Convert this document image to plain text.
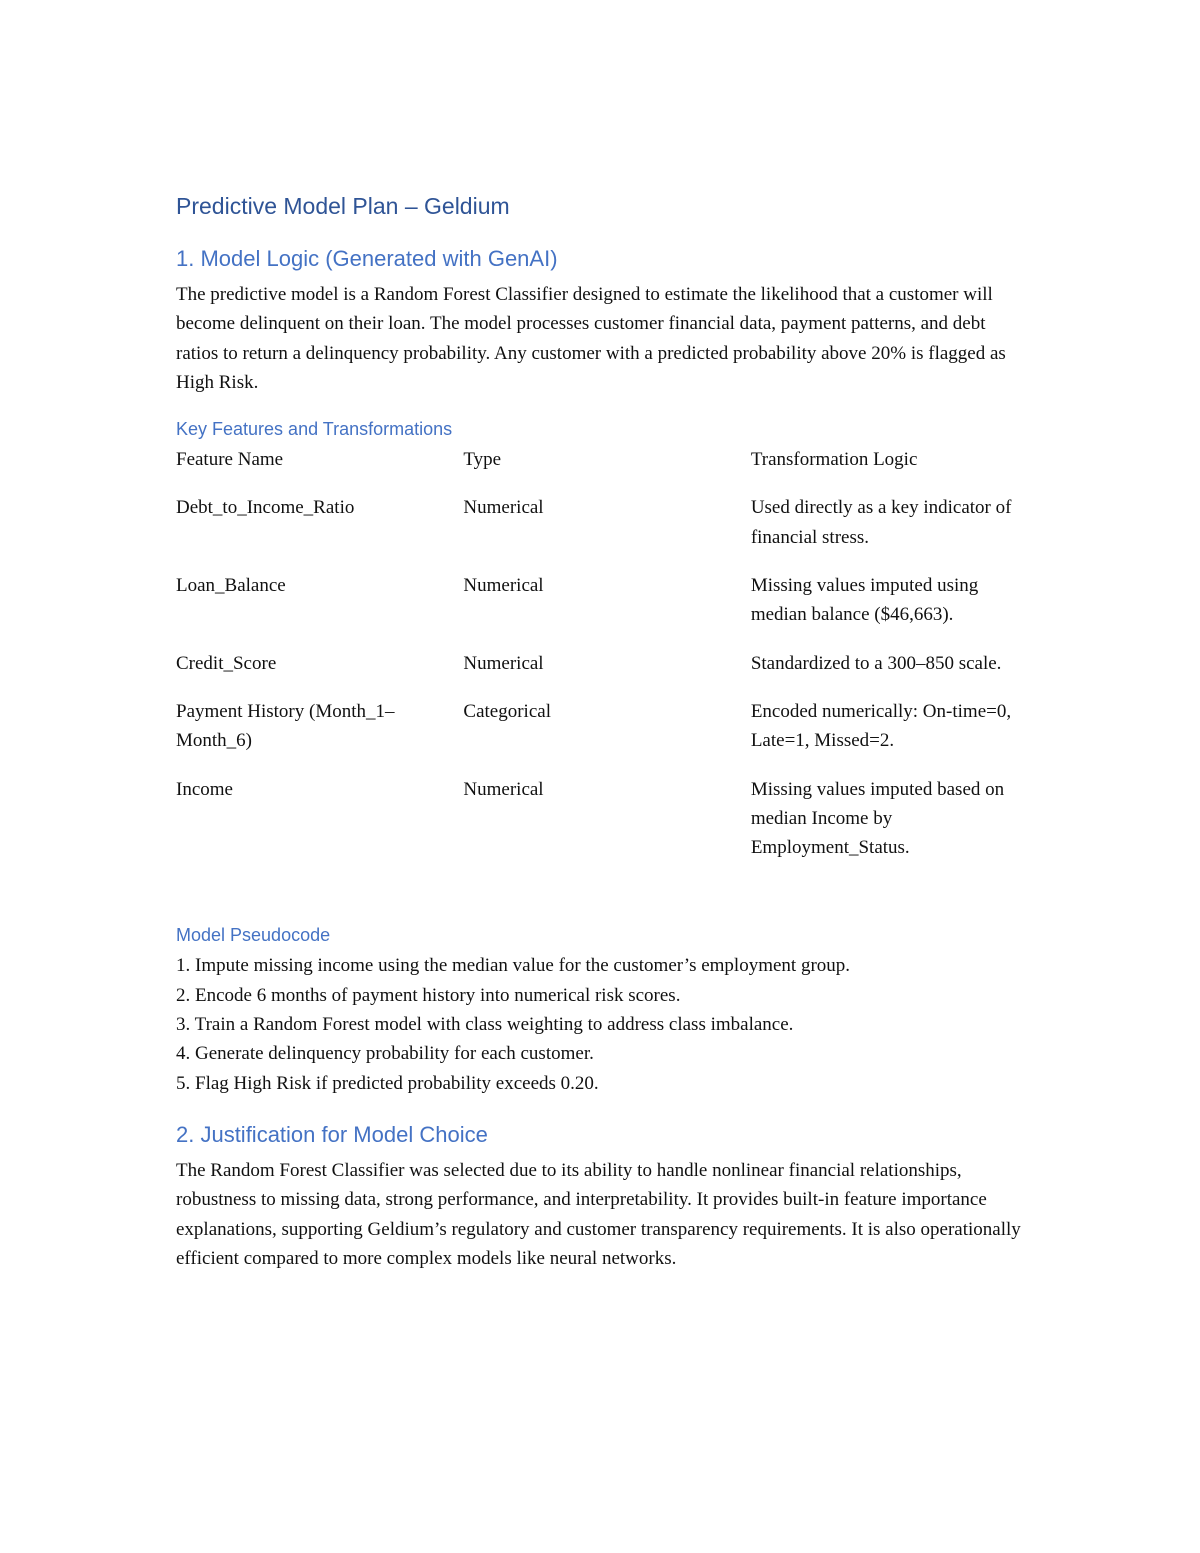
Predictive Model Plan – Geldium
1. Model Logic (Generated with GenAI)

The predictive model is a Random Forest Classifier designed to estimate the likelihood that a customer will become delinquent on their loan. The model processes customer financial data, payment patterns, and debt ratios to return a delinquency probability. Any customer with a predicted probability above 20% is flagged as High Risk.

Key Features and Transformations
Feature Name	Type	Transformation Logic
Debt_to_Income_Ratio	Numerical	Used directly as a key indicator of financial stress.
Loan_Balance	Numerical	Missing values imputed using median balance ($46,663).
Credit_Score	Numerical	Standardized to a 300–850 scale.
Payment History (Month_1–Month_6)	Categorical	Encoded numerically: On-time=0, Late=1, Missed=2.
Income	Numerical	Missing values imputed based on median Income by Employment_Status.
Model Pseudocode
1. Impute missing income using the median value for the customer’s employment group.
2. Encode 6 months of payment history into numerical risk scores.
3. Train a Random Forest model with class weighting to address class imbalance.
4. Generate delinquency probability for each customer.
5. Flag High Risk if predicted probability exceeds 0.20.
2. Justification for Model Choice

The Random Forest Classifier was selected due to its ability to handle nonlinear financial relationships, robustness to missing data, strong performance, and interpretability. It provides built-in feature importance explanations, supporting Geldium’s regulatory and customer transparency requirements. It is also operationally efficient compared to more complex models like neural networks.
